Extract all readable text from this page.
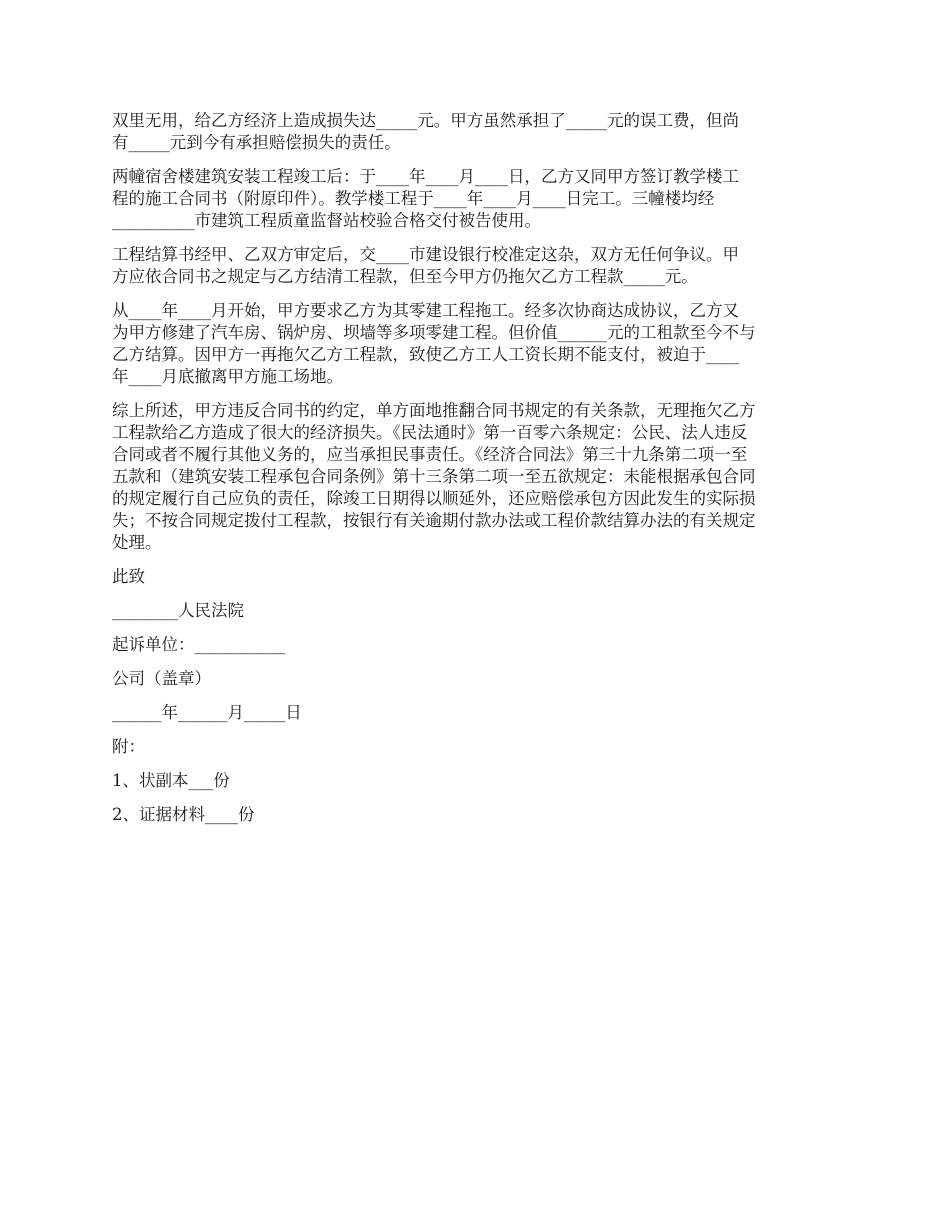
双里无用，给乙方经济上造成损失达_____元。甲方虽然承担了_____元的误工费，但尚
有_____元到今有承担赔偿损失的责任。
两幢宿舍楼建筑安装工程竣工后：于____年____月____日，乙方又同甲方签订教学楼工
程的施工合同书（附原印件）。教学楼工程于____年____月____日完工。三幢楼均经
__________市建筑工程质童监督站校验合格交付被告使用。
工程结算书经甲、乙双方审定后，交____市建设银行校准定这杂，双方无任何争议。甲
方应依合同书之规定与乙方结清工程款，但至今甲方仍拖欠乙方工程款_____元。
从____年____月开始，甲方要求乙方为其零建工程拖工。经多次协商达成协议，乙方又
为甲方修建了汽车房、锅炉房、坝墙等多项零建工程。但价值______元的工租款至今不与
乙方结算。因甲方一再拖欠乙方工程款，致使乙方工人工资长期不能支付，被迫于____
年____月底撤离甲方施工场地。
综上所述，甲方违反合同书的约定，单方面地推翻合同书规定的有关条款，无理拖欠乙方
工程款给乙方造成了很大的经济损失。《民法通时》第一百零六条规定：公民、法人违反
合同或者不履行其他义务的，应当承担民事责任。《经济合同法》第三十九条第二项一至
五款和（建筑安装工程承包合同条例》第十三条第二项一至五欲规定：未能根据承包合同
的规定履行自己应负的责任，除竣工日期得以顺延外，还应赔偿承包方因此发生的实际损
失；不按合同规定拨付工程款，按银行有关逾期付款办法或工程价款结算办法的有关规定
处理。
此致
________人民法院
起诉单位：___________
公司（盖章）
______年______月_____日
附：
1、状副本___份
2、证据材料____份
